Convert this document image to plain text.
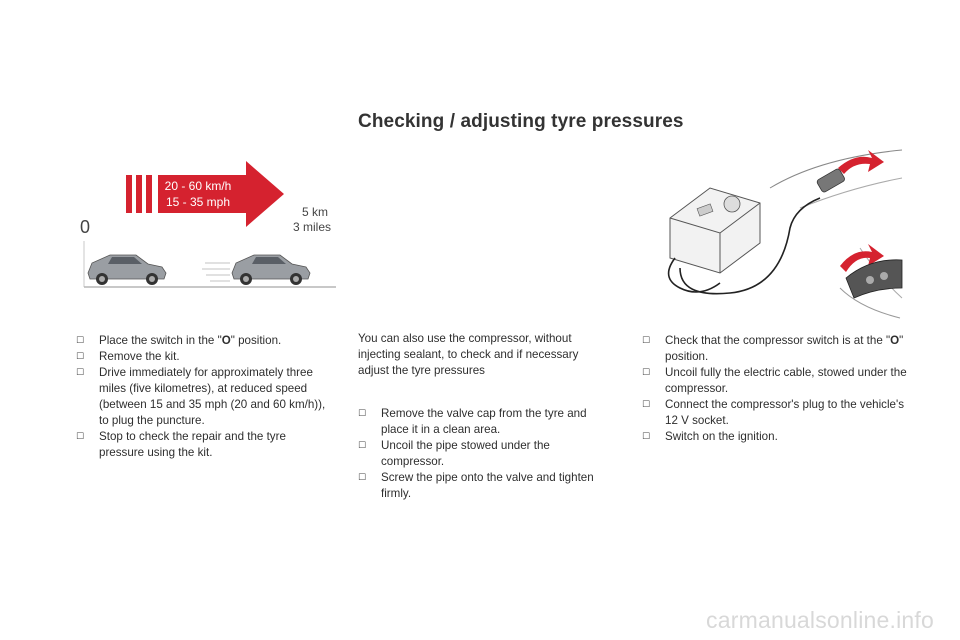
Checking / adjusting tyre pressures
20 - 60 km/h
15 - 35 mph
0
5 km
3 miles
☐ Place the switch in the "O" position.
☐ Remove the kit.
☐ Drive immediately for approximately three miles (five kilometres), at reduced speed (between 15 and 35 mph (20 and 60 km/h)), to plug the puncture.
☐ Stop to check the repair and the tyre pressure using the kit.

You can also use the compressor, without injecting sealant, to check and if necessary adjust the tyre pressures

☐ Remove the valve cap from the tyre and place it in a clean area.
☐ Uncoil the pipe stowed under the compressor.
☐ Screw the pipe onto the valve and tighten firmly.
☐ Check that the compressor switch is at the "O" position.
☐ Uncoil fully the electric cable, stowed under the compressor.
☐ Connect the compressor's plug to the vehicle's 12 V socket.
☐ Switch on the ignition.
carmanualsonline.info
